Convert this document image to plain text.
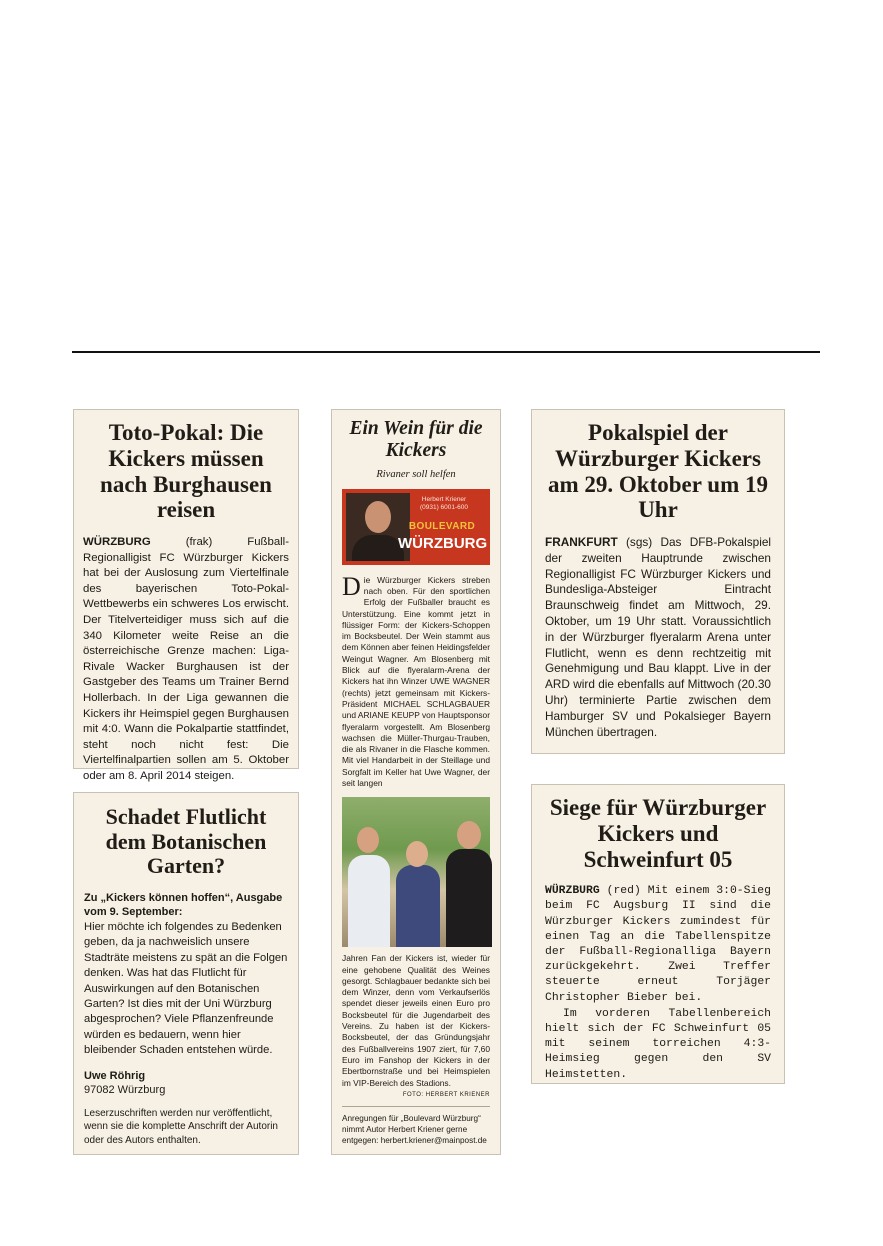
Toto-Pokal: Die Kickers müssen nach Burghausen reisen
WÜRZBURG	(frak) Fußball-Regionalligist FC Würzburger Kickers hat bei der Auslosung zum Viertelfinale des bayerischen Toto-Pokal-Wettbewerbs ein schweres Los erwischt. Der Titelverteidiger muss sich auf die 340 Kilometer weite Reise an die österreichische Grenze machen: Liga-Rivale Wacker Burghausen ist der Gastgeber des Teams um Trainer Bernd Hollerbach. In der Liga gewannen die Kickers ihr Heimspiel gegen Burghausen mit 4:0. Wann die Pokalpartie stattfindet, steht noch nicht fest: Die Viertelfinalpartien sollen am 5. Oktober oder am 8. April 2014 steigen.
Schadet Flutlicht dem Botanischen Garten?
Zu „Kickers können hoffen“, Ausgabe vom 9. September:
Hier möchte ich folgendes zu Bedenken geben, da ja nachweislich unsere Stadträte meistens zu spät an die Folgen denken. Was hat das Flutlicht für Auswirkungen auf den Botanischen Garten? Ist dies mit der Uni Würzburg abgesprochen? Viele Pflanzenfreunde würden es bedauern, wenn hier bleibender Schaden entstehen würde.
Uwe Röhrig
97082 Würzburg
Leserzuschriften werden nur veröffentlicht, wenn sie die komplette Anschrift der Autorin oder des Autors enthalten.
Ein Wein für die Kickers
Rivaner soll helfen
Herbert Kriener
(0931) 6001-600
BOULEVARD
WÜRZBURG
D ie Würzburger Kickers streben nach oben. Für den sportlichen Erfolg der Fußballer braucht es Unterstützung. Eine kommt jetzt in flüssiger Form: der Kickers-Schoppen im Bocksbeutel. Der Wein stammt aus dem Können aber feinen Heidingsfelder Weingut Wagner. Am Blosenberg mit Blick auf die flyeralarm-Arena der Kickers hat ihn Winzer UWE WAGNER (rechts) jetzt gemeinsam mit Kickers-Präsident MICHAEL SCHLAGBAUER und ARIANE KEUPP von Hauptsponsor flyeralarm vorgestellt. Am Blosenberg wachsen die Müller-Thurgau-Trauben, die als Rivaner in die Flasche kommen. Mit viel Handarbeit in der Steillage und Sorgfalt im Keller hat Uwe Wagner, der seit langen
Jahren Fan der Kickers ist, wieder für eine gehobene Qualität des Weines gesorgt. Schlagbauer bedankte sich bei dem Winzer, denn vom Verkaufserlös spendet dieser jeweils einen Euro pro Bocksbeutel für die Jugendarbeit des Vereins. Zu haben ist der Kickers-Bocksbeutel, der das Gründungsjahr des Fußballvereins 1907 ziert, für 7,60 Euro im Fanshop der Kickers in der Ebertbornstraße und bei Heimspielen im VIP-Bereich des Stadions.
FOTO: HERBERT KRIENER
Anregungen für „Boulevard Würzburg“ nimmt Autor Herbert Kriener gerne entgegen: herbert.kriener@mainpost.de
Pokalspiel der Würzburger Kickers am 29. Oktober um 19 Uhr
FRANKFURT (sgs) Das DFB-Pokalspiel der zweiten Hauptrunde zwischen Regionalligist FC Würzburger Kickers und Bundesliga-Absteiger Eintracht Braunschweig findet am Mittwoch, 29. Oktober, um 19 Uhr statt. Voraussichtlich in der Würzburger flyeralarm Arena unter Flutlicht, wenn es denn rechtzeitig mit Genehmigung und Bau klappt. Live in der ARD wird die ebenfalls auf Mittwoch (20.30 Uhr) terminierte Partie zwischen dem Hamburger SV und Pokalsieger Bayern München übertragen.
Siege für Würzburger Kickers und Schweinfurt 05
WÜRZBURG (red) Mit einem 3:0-Sieg beim FC Augsburg II sind die Würzburger Kickers zumindest für einen Tag an die Tabellenspitze der Fußball-Regionalliga Bayern zurückgekehrt. Zwei Treffer steuerte erneut Torjäger Christopher Bieber bei.
Im vorderen Tabellenbereich hielt sich der FC Schweinfurt 05 mit seinem torreichen 4:3-Heimsieg gegen den SV Heimstetten.
